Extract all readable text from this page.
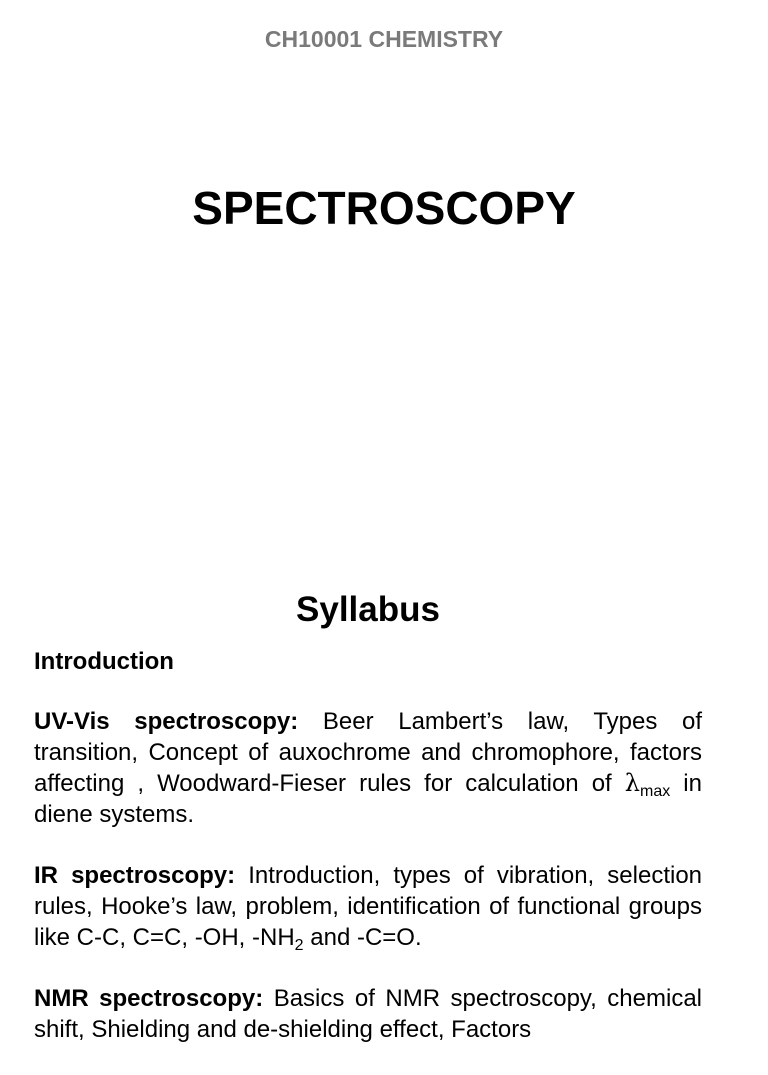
CH10001 CHEMISTRY
SPECTROSCOPY
Syllabus

Introduction

UV-Vis spectroscopy: Beer Lambert’s law, Types of transition, Concept of auxochrome and chromophore, factors affecting , Woodward-Fieser rules for calculation of $\lambda_{max}$ in diene systems.

IR spectroscopy: Introduction, types of vibration, selection rules, Hooke’s law, problem, identification of functional groups like C-C, C=C, -OH, $-NH_2$ and -C=O.

NMR spectroscopy: Basics of NMR spectroscopy, chemical shift, Shielding and de-shielding effect, Factors
